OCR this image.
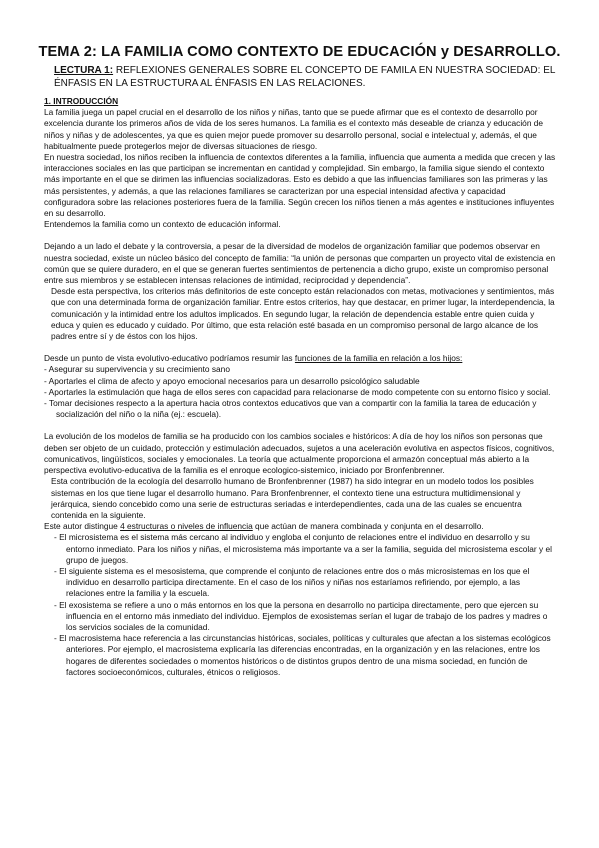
TEMA 2: LA FAMILIA COMO CONTEXTO DE EDUCACIÓN y DESARROLLO.
LECTURA 1: REFLEXIONES GENERALES SOBRE EL CONCEPTO DE FAMILA EN NUESTRA SOCIEDAD: EL ÉNFASIS EN LA ESTRUCTURA AL ÉNFASIS EN LAS RELACIONES.

1. INTRODUCCIÓN

La familia juega un papel crucial en el desarrollo de los niños y niñas, tanto que se puede afirmar que es el contexto de desarrollo por excelencia durante los primeros años de vida de los seres humanos. La familia es el contexto más deseable de crianza y educación de niños y niñas y de adolescentes, ya que es quien mejor puede promover su desarrollo personal, social e intelectual y, además, el que habitualmente puede protegerlos mejor de diversas situaciones de riesgo.

En nuestra sociedad, los niños reciben la influencia de contextos diferentes a la familia, influencia que aumenta a medida que crecen y las interacciones sociales en las que participan se incrementan en cantidad y complejidad. Sin embargo, la familia sigue siendo el contexto más importante en el que se dirimen las influencias socializadoras. Esto es debido a que las influencias familiares son las primeras y las más persistentes, y además, a que las relaciones familiares se caracterizan por una especial intensidad afectiva y capacidad configuradora sobre las relaciones posteriores fuera de la familia. Según crecen los niños tienen a más agentes e instituciones influyentes en su desarrollo.

Entendemos la familia como un contexto de educación informal.

Dejando a un lado el debate y la controversia, a pesar de la diversidad de modelos de organización familiar que podemos observar en nuestra sociedad, existe un núcleo básico del concepto de familia: “la unión de personas que comparten un proyecto vital de existencia en común que se quiere duradero, en el que se generan fuertes sentimientos de pertenencia a dicho grupo, existe un compromiso personal entre sus miembros y se establecen intensas relaciones de intimidad, reciprocidad y dependencia”.

Desde esta perspectiva, los criterios más definitorios de este concepto están relacionados con metas, motivaciones y sentimientos, más que con una determinada forma de organización familiar. Entre estos criterios, hay que destacar, en primer lugar, la interdependencia, la comunicación y la intimidad entre los adultos implicados. En segundo lugar, la relación de dependencia estable entre quien cuida y educa y quien es educado y cuidado. Por último, que esta relación esté basada en un compromiso personal de largo alcance de los padres entre sí y de éstos con los hijos.

Desde un punto de vista evolutivo-educativo podríamos resumir las funciones de la familia en relación a los hijos:

- Asegurar su supervivencia y su crecimiento sano

- Aportarles el clima de afecto y apoyo emocional necesarios para un desarrollo psicológico saludable

- Aportarles la estimulación que haga de ellos seres con capacidad para relacionarse de modo competente con su entorno físico y social.

- Tomar decisiones respecto a la apertura hacia otros contextos educativos que van a compartir con la familia la tarea de educación y socialización del niño o la niña (ej.: escuela).

La evolución de los modelos de familia se ha producido con los cambios sociales e históricos: A día de hoy los niños son personas que deben ser objeto de un cuidado, protección y estimulación adecuados, sujetos a una aceleración evolutiva en aspectos físicos, cognitivos, comunicativos, lingüísticos, sociales y emocionales. La teoría que actualmente proporciona el armazón conceptual más abierto a la perspectiva evolutivo-educativa de la familia es el enroque ecologico-sistemico, iniciado por Bronfenbrenner.

Esta contribución de la ecología del desarrollo humano de Bronfenbrenner (1987) ha sido integrar en un modelo todos los posibles sistemas en los que tiene lugar el desarrollo humano. Para Bronfenbrenner, el contexto tiene una estructura multidimensional y jerárquica, siendo concebido como una serie de estructuras seriadas e interdependientes, cada una de las cuales se encuentra contenida en la siguiente.

Este autor distingue 4 estructuras o niveles de influencia que actúan de manera combinada y conjunta en el desarrollo.

- El microsistema es el sistema más cercano al individuo y engloba el conjunto de relaciones entre el individuo en desarrollo y su entorno inmediato. Para los niños y niñas, el microsistema más importante va a ser la familia, seguida del microsistema escolar y el grupo de juegos.

- El siguiente sistema es el mesosistema, que comprende el conjunto de relaciones entre dos o más microsistemas en los que el individuo en desarrollo participa directamente. En el caso de los niños y niñas nos estaríamos refiriendo, por ejemplo, a las relaciones entre la familia y la escuela.

- El exosistema se refiere a uno o más entornos en los que la persona en desarrollo no participa directamente, pero que ejercen su influencia en el entorno más inmediato del individuo. Ejemplos de exosistemas serían el lugar de trabajo de los padres y madres o los servicios sociales de la comunidad.

- El macrosistema hace referencia a las circunstancias históricas, sociales, políticas y culturales que afectan a los sistemas ecológicos anteriores. Por ejemplo, el macrosistema explicaría las diferencias encontradas, en la organización y en las relaciones, entre los hogares de diferentes sociedades o momentos históricos o de distintos grupos dentro de una misma sociedad, en función de factores socioeconómicos, culturales, étnicos o religiosos.
